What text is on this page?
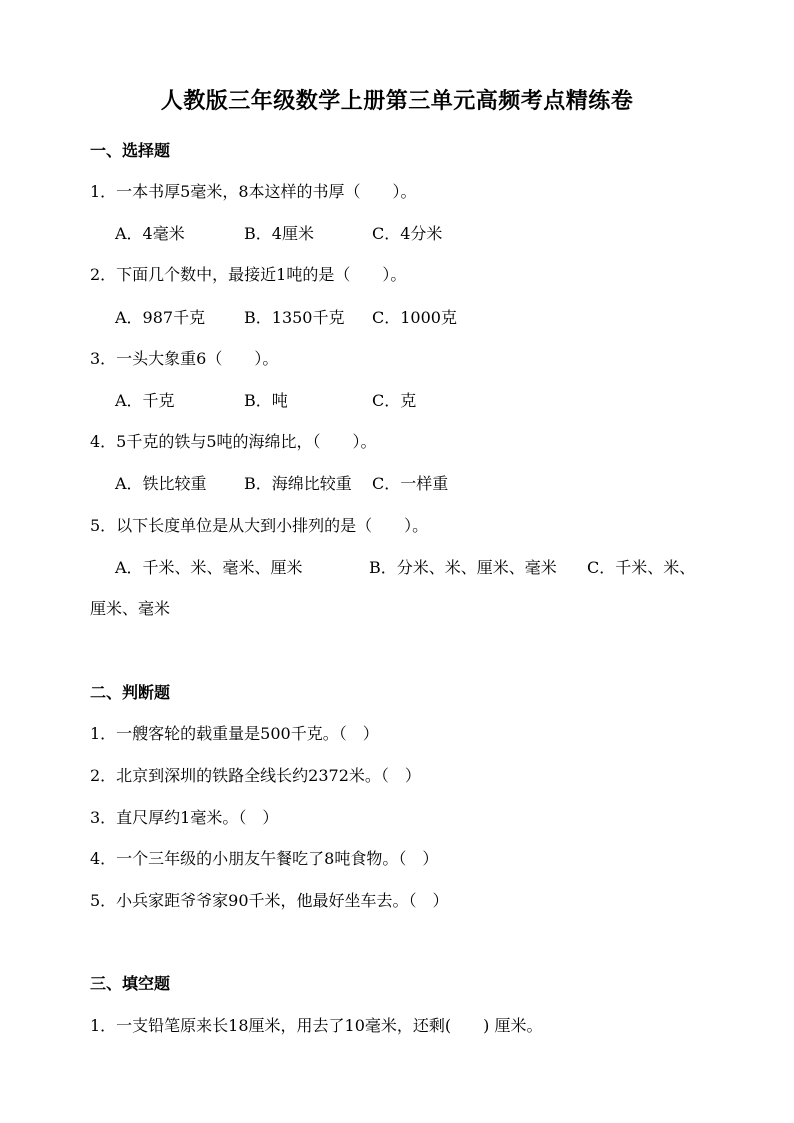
人教版三年级数学上册第三单元高频考点精练卷
一、选择题
1．一本书厚5毫米，8本这样的书厚（　　）。
A．4毫米	B．4厘米	C．4分米
2．下面几个数中，最接近1吨的是（　　）。
A．987千克 B．1350千克 C．1000克
3．一头大象重6（　　）。
A．千克	B．吨	C．克
4．5千克的铁与5吨的海绵比，（　　）。
A．铁比较重 B．海绵比较重 C．一样重
5．以下长度单位是从大到小排列的是（　　）。
A．千米、米、毫米、厘米	B．分米、米、厘米、毫米 C．千米、米、
厘米、毫米
二、判断题
1．一艘客轮的载重量是500千克。（　）
2．北京到深圳的铁路全线长约2372米。（　）
3．直尺厚约1毫米。（　）
4．一个三年级的小朋友午餐吃了8吨食物。（　）
5．小兵家距爷爷家90千米，他最好坐车去。（　）
三、填空题
1．一支铅笔原来长18厘米，用去了10毫米，还剩(　　) 厘米。
